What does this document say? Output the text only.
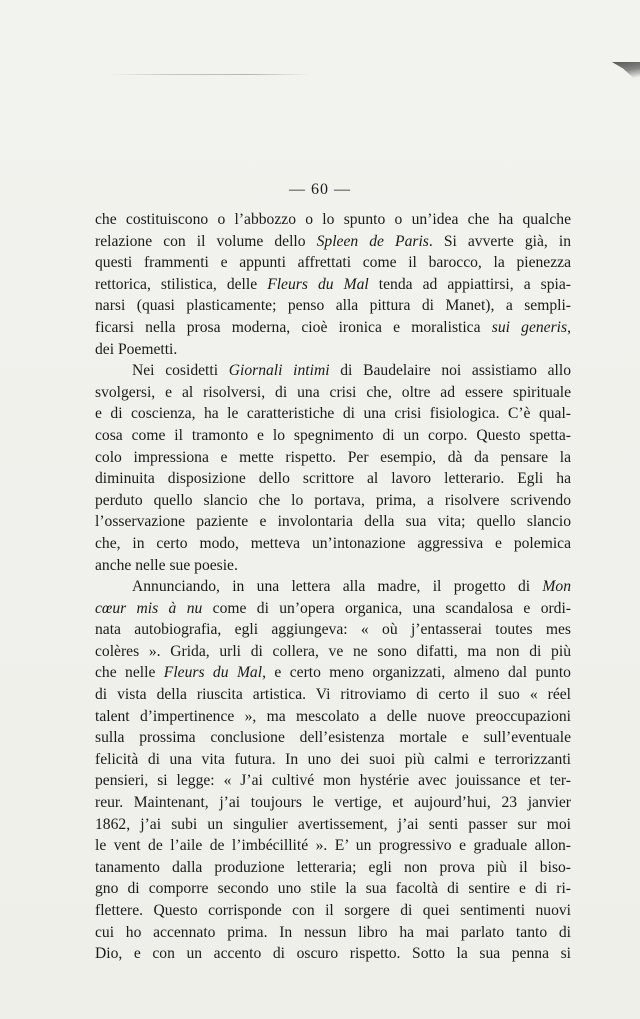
— 60 —
che costituiscono o l’abbozzo o lo spunto o un’idea che ha qualche
relazione con il volume dello Spleen de Paris. Si avverte già, in
questi frammenti e appunti affrettati come il barocco, la pienezza
rettorica, stilistica, delle Fleurs du Mal tenda ad appiattirsi, a spia-
narsi (quasi plasticamente; penso alla pittura di Manet), a sempli-
ficarsi nella prosa moderna, cioè ironica e moralistica sui generis,
dei Poemetti.
Nei cosidetti Giornali intimi di Baudelaire noi assistiamo allo
svolgersi, e al risolversi, di una crisi che, oltre ad essere spirituale
e di coscienza, ha le caratteristiche di una crisi fisiologica. C’è qual-
cosa come il tramonto e lo spegnimento di un corpo. Questo spetta-
colo impressiona e mette rispetto. Per esempio, dà da pensare la
diminuita disposizione dello scrittore al lavoro letterario. Egli ha
perduto quello slancio che lo portava, prima, a risolvere scrivendo
l’osservazione paziente e involontaria della sua vita; quello slancio
che, in certo modo, metteva un’intonazione aggressiva e polemica
anche nelle sue poesie.
Annunciando, in una lettera alla madre, il progetto di Mon
cœur mis à nu come di un’opera organica, una scandalosa e ordi-
nata autobiografia, egli aggiungeva: « où j’entasserai toutes mes
colères ». Grida, urli di collera, ve ne sono difatti, ma non di più
che nelle Fleurs du Mal, e certo meno organizzati, almeno dal punto
di vista della riuscita artistica. Vi ritroviamo di certo il suo « réel
talent d’impertinence », ma mescolato a delle nuove preoccupazioni
sulla prossima conclusione dell’esistenza mortale e sull’eventuale
felicità di una vita futura. In uno dei suoi più calmi e terrorizzanti
pensieri, si legge: « J’ai cultivé mon hystérie avec jouissance et ter-
reur. Maintenant, j’ai toujours le vertige, et aujourd’hui, 23 janvier
1862, j’ai subi un singulier avertissement, j’ai senti passer sur moi
le vent de l’aile de l’imbécillité ». E’ un progressivo e graduale allon-
tanamento dalla produzione letteraria; egli non prova più il biso-
gno di comporre secondo uno stile la sua facoltà di sentire e di ri-
flettere. Questo corrisponde con il sorgere di quei sentimenti nuovi
cui ho accennato prima. In nessun libro ha mai parlato tanto di
Dio, e con un accento di oscuro rispetto. Sotto la sua penna si
